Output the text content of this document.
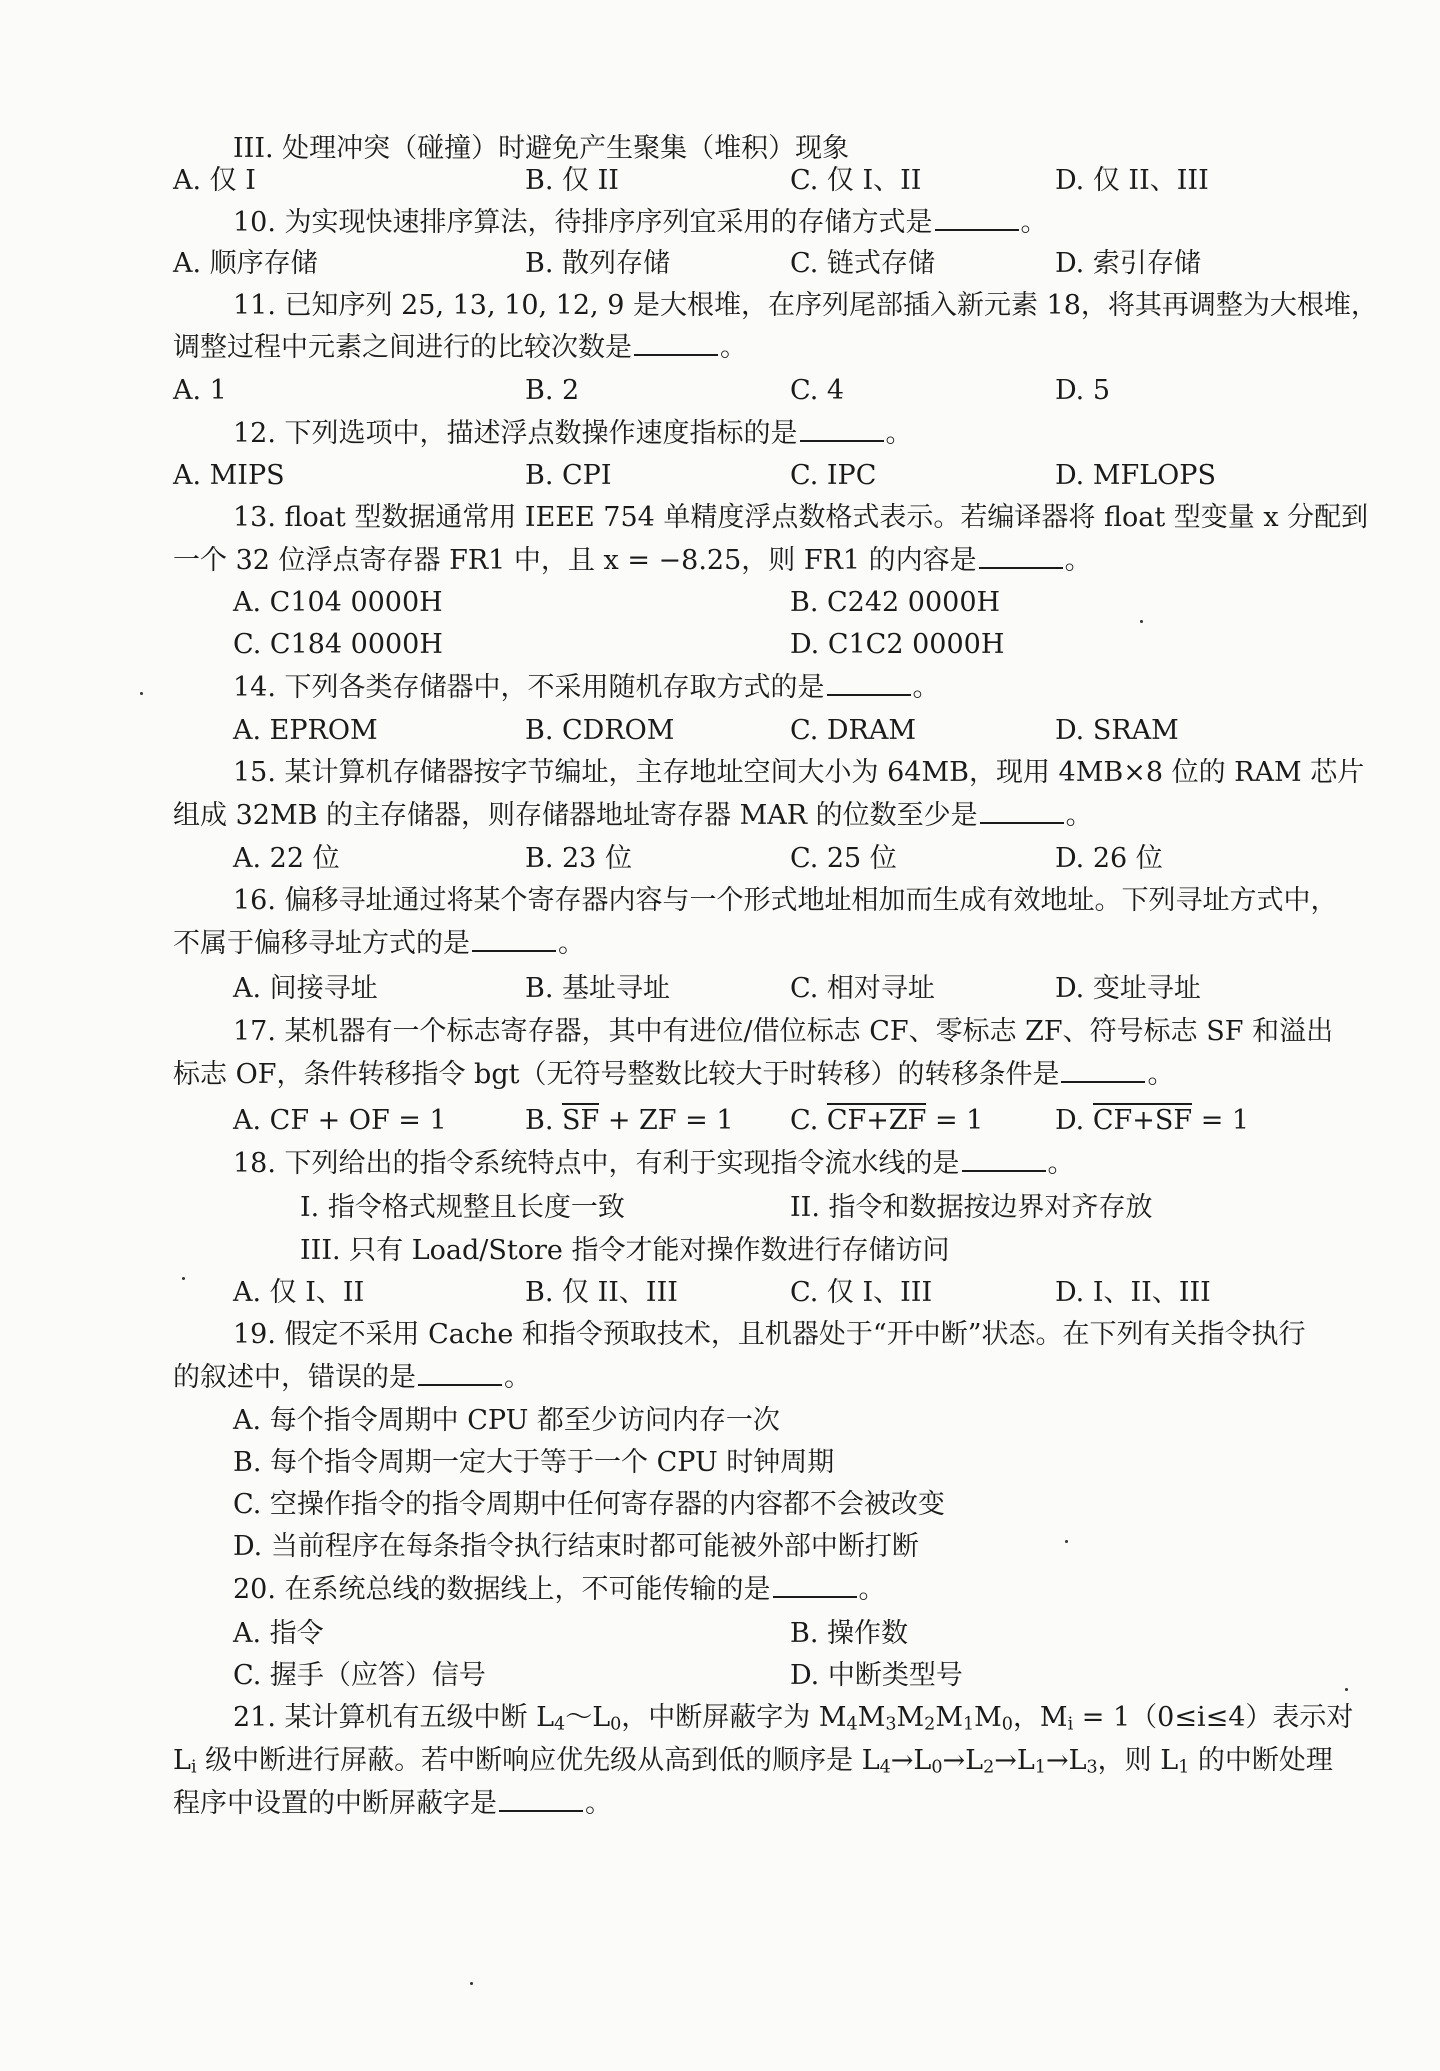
III. 处理冲突（碰撞）时避免产生聚集（堆积）现象
A. 仅 I	B. 仅 II	C. 仅 I、II	D. 仅 II、III
10. 为实现快速排序算法，待排序序列宜采用的存储方式是	。
A. 顺序存储	B. 散列存储	C. 链式存储	D. 索引存储
11. 已知序列 25, 13, 10, 12, 9 是大根堆，在序列尾部插入新元素 18，将其再调整为大根堆，
调整过程中元素之间进行的比较次数是	。
A. 1	B. 2	C. 4	D. 5
12. 下列选项中，描述浮点数操作速度指标的是	。
A. MIPS	B. CPI	C. IPC	D. MFLOPS
13. float 型数据通常用 IEEE 754 单精度浮点数格式表示。若编译器将 float 型变量 x 分配到
一个 32 位浮点寄存器 FR1 中，且 x = −8.25，则 FR1 的内容是	。
A. C104 0000H	B. C242 0000H
C. C184 0000H	D. C1C2 0000H
14. 下列各类存储器中，不采用随机存取方式的是	。
A. EPROM	B. CDROM	C. DRAM	D. SRAM
15. 某计算机存储器按字节编址，主存地址空间大小为 64MB，现用 4MB×8 位的 RAM 芯片
组成 32MB 的主存储器，则存储器地址寄存器 MAR 的位数至少是	。
A. 22 位	B. 23 位	C. 25 位	D. 26 位
16. 偏移寻址通过将某个寄存器内容与一个形式地址相加而生成有效地址。下列寻址方式中，
不属于偏移寻址方式的是	。
A. 间接寻址	B. 基址寻址	C. 相对寻址	D. 变址寻址
17. 某机器有一个标志寄存器，其中有进位/借位标志 CF、零标志 ZF、符号标志 SF 和溢出
标志 OF，条件转移指令 bgt（无符号整数比较大于时转移）的转移条件是	。
A. CF + OF = 1	B. SF + ZF = 1 C. CF+ZF = 1	D. CF+SF = 1
18. 下列给出的指令系统特点中，有利于实现指令流水线的是	。
I. 指令格式规整且长度一致	II. 指令和数据按边界对齐存放
III. 只有 Load/Store 指令才能对操作数进行存储访问
A. 仅 I、II	B. 仅 II、III	C. 仅 I、III	D. I、II、III
19. 假定不采用 Cache 和指令预取技术，且机器处于“开中断”状态。在下列有关指令执行
的叙述中，错误的是	。
A. 每个指令周期中 CPU 都至少访问内存一次
B. 每个指令周期一定大于等于一个 CPU 时钟周期
C. 空操作指令的指令周期中任何寄存器的内容都不会被改变
D. 当前程序在每条指令执行结束时都可能被外部中断打断
20. 在系统总线的数据线上，不可能传输的是	。
A. 指令	B. 操作数
C. 握手（应答）信号	D. 中断类型号
21. 某计算机有五级中断 $L_4\sim L_0$，中断屏蔽字为 $M_4M_3M_2M_1M_0$，$M_i = 1(0\le i\le 4)$表示对
$L_i$ 级中断进行屏蔽。若中断响应优先级从高到低的顺序是 $L_4\to L_0\to L_2\to L_1\to L_3$，则 $L_1$ 的中断处理
程序中设置的中断屏蔽字是	。
